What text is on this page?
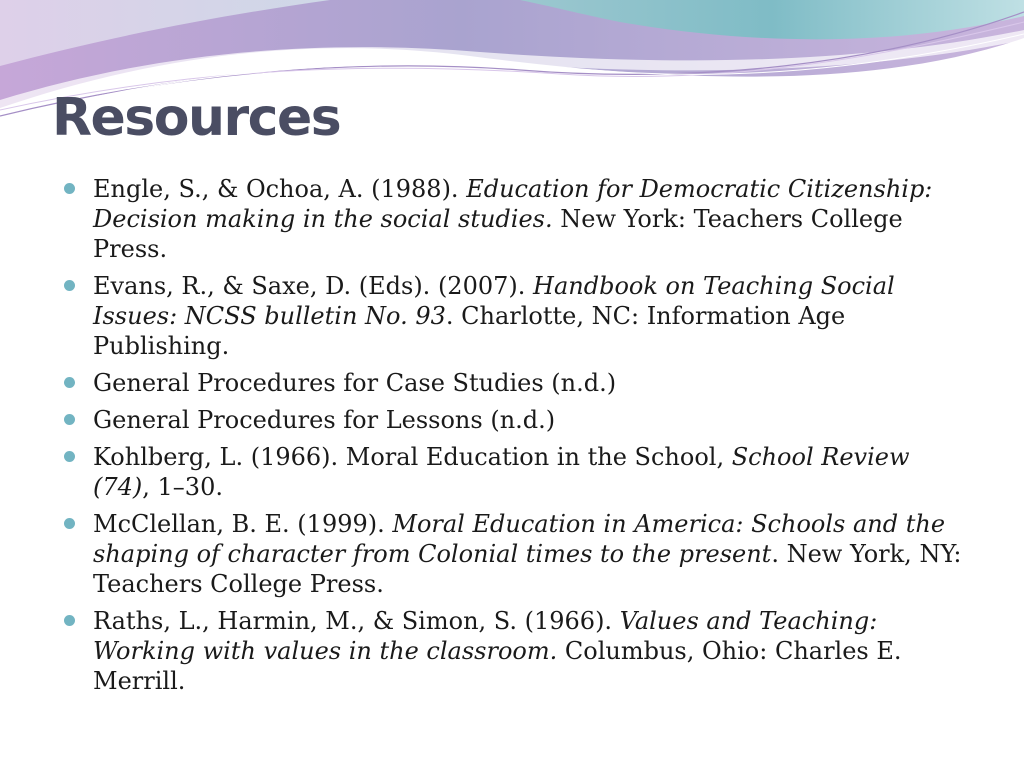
Resources
Engle, S., & Ochoa, A. (1988). Education for Democratic Citizenship: Decision making in the social studies. New York: Teachers College Press.
Evans, R., & Saxe, D. (Eds). (2007). Handbook on Teaching Social Issues: NCSS bulletin No. 93. Charlotte, NC: Information Age Publishing.
General Procedures for Case Studies (n.d.)
General Procedures for Lessons (n.d.)
Kohlberg, L. (1966). Moral Education in the School, School Review (74), 1–30.
McClellan, B. E. (1999). Moral Education in America: Schools and the shaping of character from Colonial times to the present. New York, NY: Teachers College Press.
Raths, L., Harmin, M., & Simon, S. (1966). Values and Teaching: Working with values in the classroom. Columbus, Ohio: Charles E. Merrill.
